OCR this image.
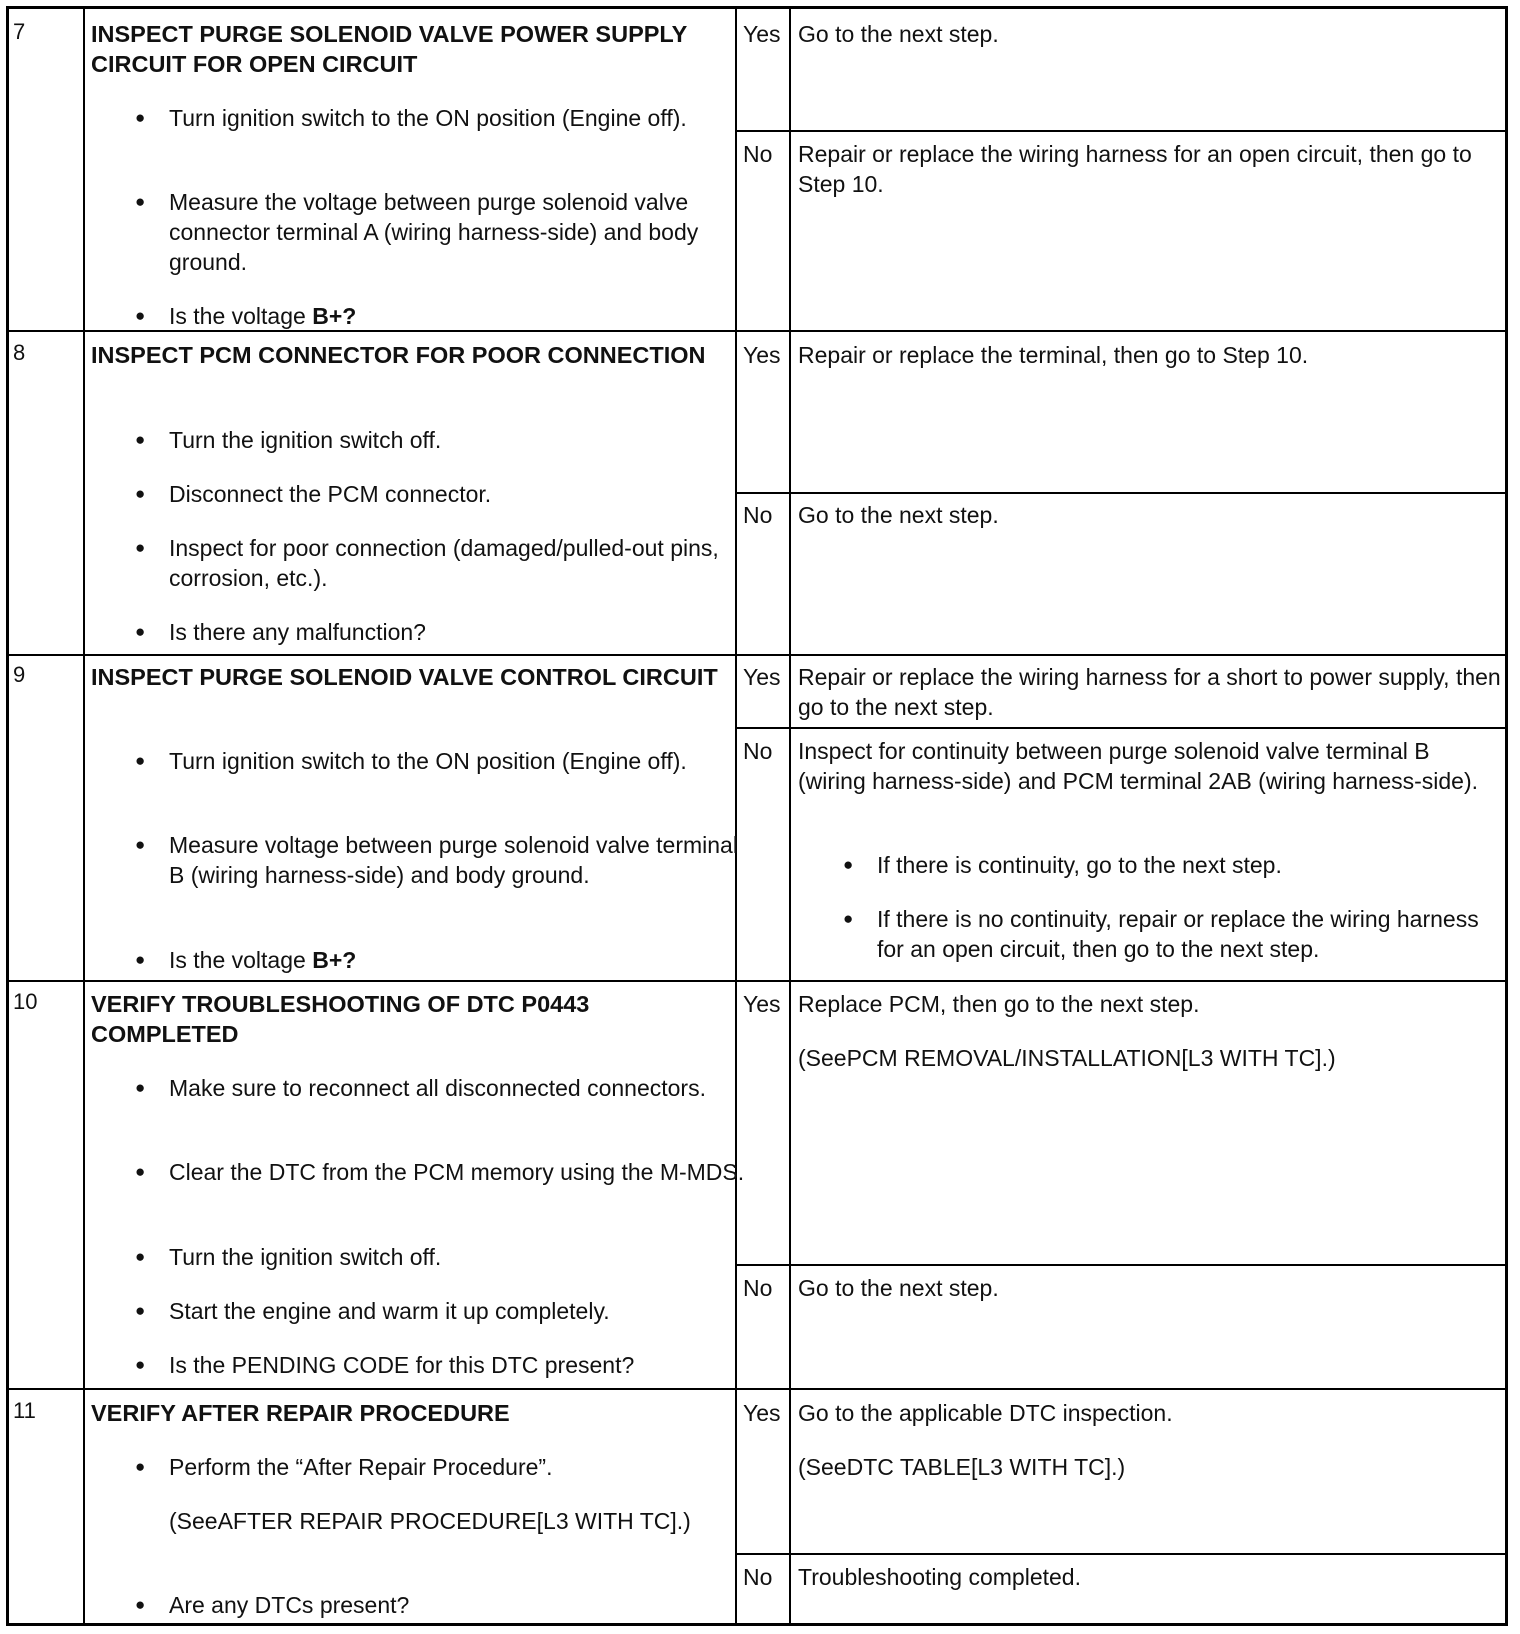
7	INSPECT PURGE SOLENOID VALVE POWER SUPPLY CIRCUIT FOR OPEN CIRCUIT
● Turn ignition switch to the ON position (Engine off).
● Measure the voltage between purge solenoid valve connector terminal A (wiring harness-side) and body ground.
● Is the voltage B+?
Yes Go to the next step.
No Repair or replace the wiring harness for an open circuit, then go to Step 10.
8	INSPECT PCM CONNECTOR FOR POOR CONNECTION
● Turn the ignition switch off.
● Disconnect the PCM connector.
● Inspect for poor connection (damaged/pulled-out pins, corrosion, etc.).
● Is there any malfunction?
Yes Repair or replace the terminal, then go to Step 10.
No Go to the next step.
9	INSPECT PURGE SOLENOID VALVE CONTROL CIRCUIT
● Turn ignition switch to the ON position (Engine off).
● Measure voltage between purge solenoid valve terminal B (wiring harness-side) and body ground.
● Is the voltage B+?
Yes Repair or replace the wiring harness for a short to power supply, then go to the next step.
No Inspect for continuity between purge solenoid valve terminal B (wiring harness-side) and PCM terminal 2AB (wiring harness-side).
● If there is continuity, go to the next step.
● If there is no continuity, repair or replace the wiring harness for an open circuit, then go to the next step.
10 VERIFY TROUBLESHOOTING OF DTC P0443 COMPLETED
● Make sure to reconnect all disconnected connectors.
● Clear the DTC from the PCM memory using the M-MDS.
● Turn the ignition switch off.
● Start the engine and warm it up completely.
● Is the PENDING CODE for this DTC present?
Yes Replace PCM, then go to the next step.
(SeePCM REMOVAL/INSTALLATION[L3 WITH TC].)
No Go to the next step.
11 VERIFY AFTER REPAIR PROCEDURE
● Perform the “After Repair Procedure”.
(SeeAFTER REPAIR PROCEDURE[L3 WITH TC].)
● Are any DTCs present?
Yes Go to the applicable DTC inspection.
(SeeDTC TABLE[L3 WITH TC].)
No Troubleshooting completed.
